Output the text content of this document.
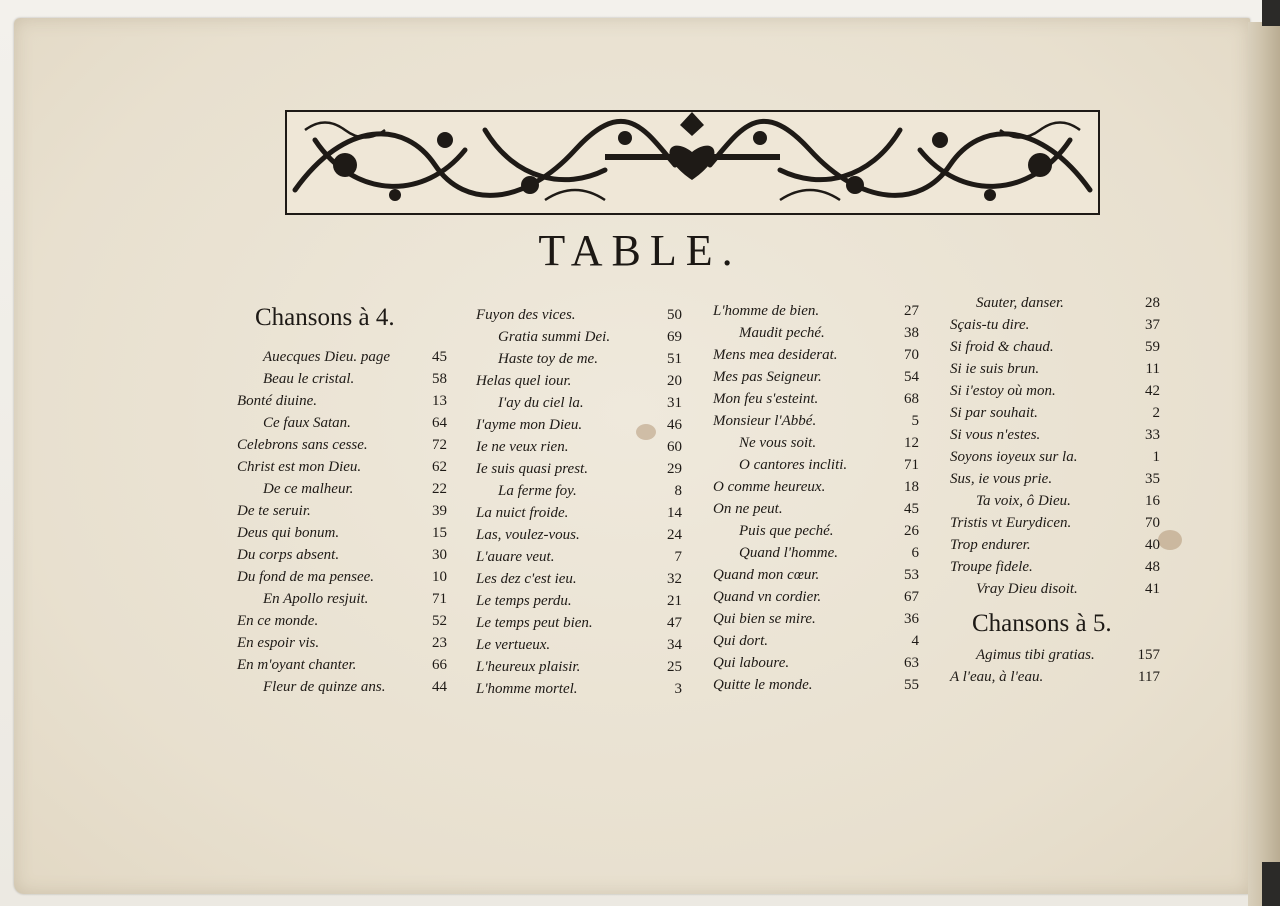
TABLE.
Chansons à 4.
Auecques Dieu. page	45
Beau le cristal.	58
Bonté diuine.	13
Ce faux Satan.	64
Celebrons sans cesse.	72
Christ est mon Dieu.	62
De ce malheur.	22
De te seruir.	39
Deus qui bonum.	15
Du corps absent.	30
Du fond de ma pensee.	10
En Apollo resjuit.	71
En ce monde.	52
En espoir vis.	23
En m'oyant chanter.	66
Fleur de quinze ans.	44
Fuyon des vices.	50
Gratia summi Dei.	69
Haste toy de me.	51
Helas quel iour.	20
I'ay du ciel la.	31
I'ayme mon Dieu.	46
Ie ne veux rien.	60
Ie suis quasi prest.	29
La ferme foy.	8
La nuict froide.	14
Las, voulez-vous.	24
L'auare veut.	7
Les dez c'est ieu.	32
Le temps perdu.	21
Le temps peut bien.	47
Le vertueux.	34
L'heureux plaisir.	25
L'homme mortel.	3
L'homme de bien.	27
Maudit peché.	38
Mens mea desiderat.	70
Mes pas Seigneur.	54
Mon feu s'esteint.	68
Monsieur l'Abbé.	5
Ne vous soit.	12
O cantores incliti.	71
O comme heureux.	18
On ne peut.	45
Puis que peché.	26
Quand l'homme.	6
Quand mon cœur.	53
Quand vn cordier.	67
Qui bien se mire.	36
Qui dort.	4
Qui laboure.	63
Quitte le monde.	55
Sauter, danser.	28
Sçais-tu dire.	37
Si froid & chaud.	59
Si ie suis brun.	11
Si i'estoy où mon.	42
Si par souhait.	2
Si vous n'estes.	33
Soyons ioyeux sur la.	1
Sus, ie vous prie.	35
Ta voix, ô Dieu.	16
Tristis vt Eurydicen.	70
Trop endurer.	40
Troupe fidele.	48
Vray Dieu disoit.	41
Chansons à 5.
Agimus tibi gratias.	157
A l'eau, à l'eau.	117
